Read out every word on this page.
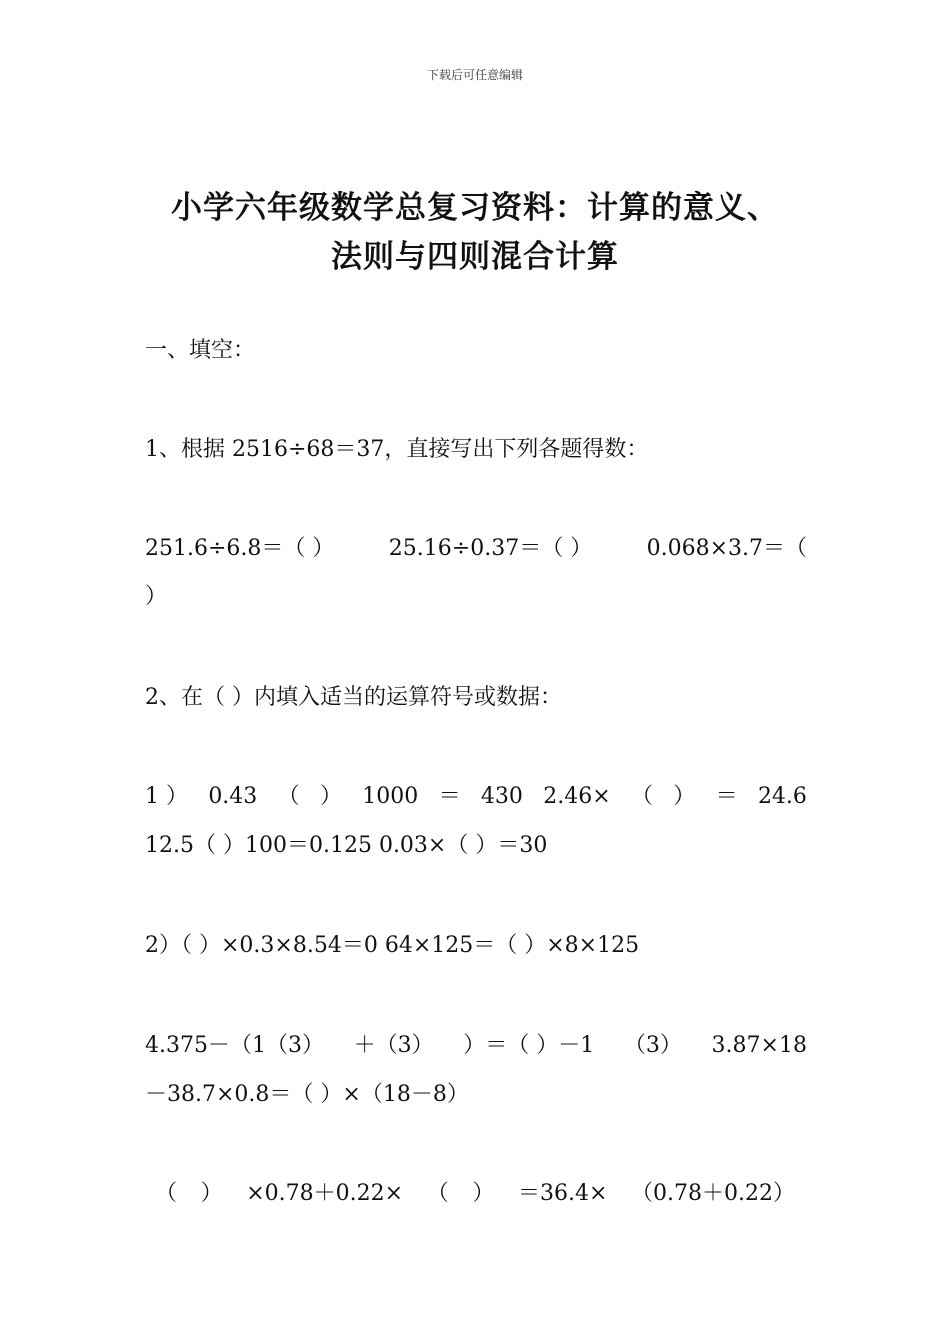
下载后可任意编辑
小学六年级数学总复习资料：计算的意义、
法则与四则混合计算
一、填空：
1、根据 2516÷68＝37，直接写出下列各题得数：
251.6÷6.8＝（ ） 25.16÷0.37＝（ ） 0.068×3.7＝（
）
2、在（ ）内填入适当的运算符号或数据：
1 ） 0.43 （ ） 1000 ＝ 430 2.46× （ ） ＝ 24.6
12.5（ ）100＝0.125 0.03×（ ）＝30
2）（ ）×0.3×8.54＝0 64×125＝（ ）×8×125
4.375－（1（3） ＋（3） ）＝（ ）－1 （3） 3.87×18
－38.7×0.8＝（ ）×（18－8）
（ ） ×0.78＋0.22× （ ） ＝36.4× （0.78＋0.22）
